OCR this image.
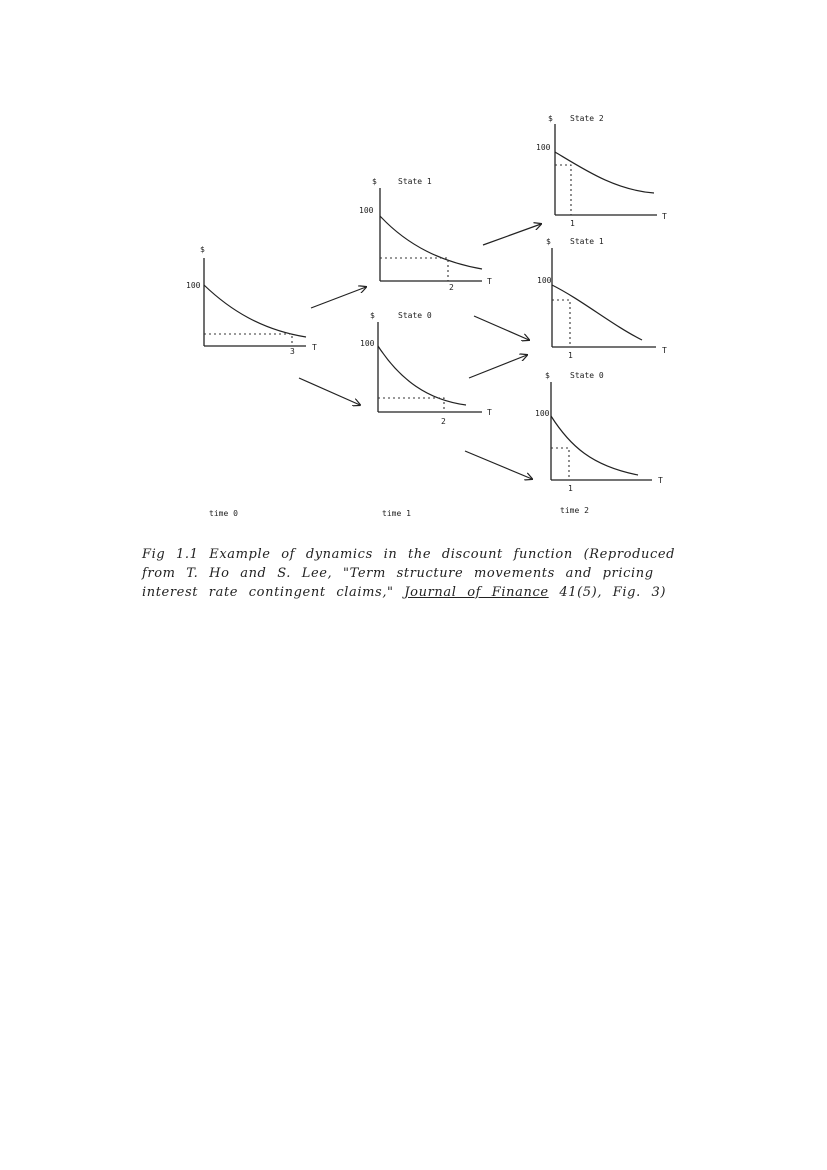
$
100
3 T
$	State 1
100
2
T
$	State 0
100
2
T
$ State 2
100
1
T
$ State 1
100
1
T
$	State 0
100
1
T
time 0	time 1	time 2
Fig 1.1 Example of dynamics in the discount function (Reproduced from T. Ho and S. Lee, "Term structure movements and pricing interest rate contingent claims," Journal of Finance 41(5), Fig. 3)
